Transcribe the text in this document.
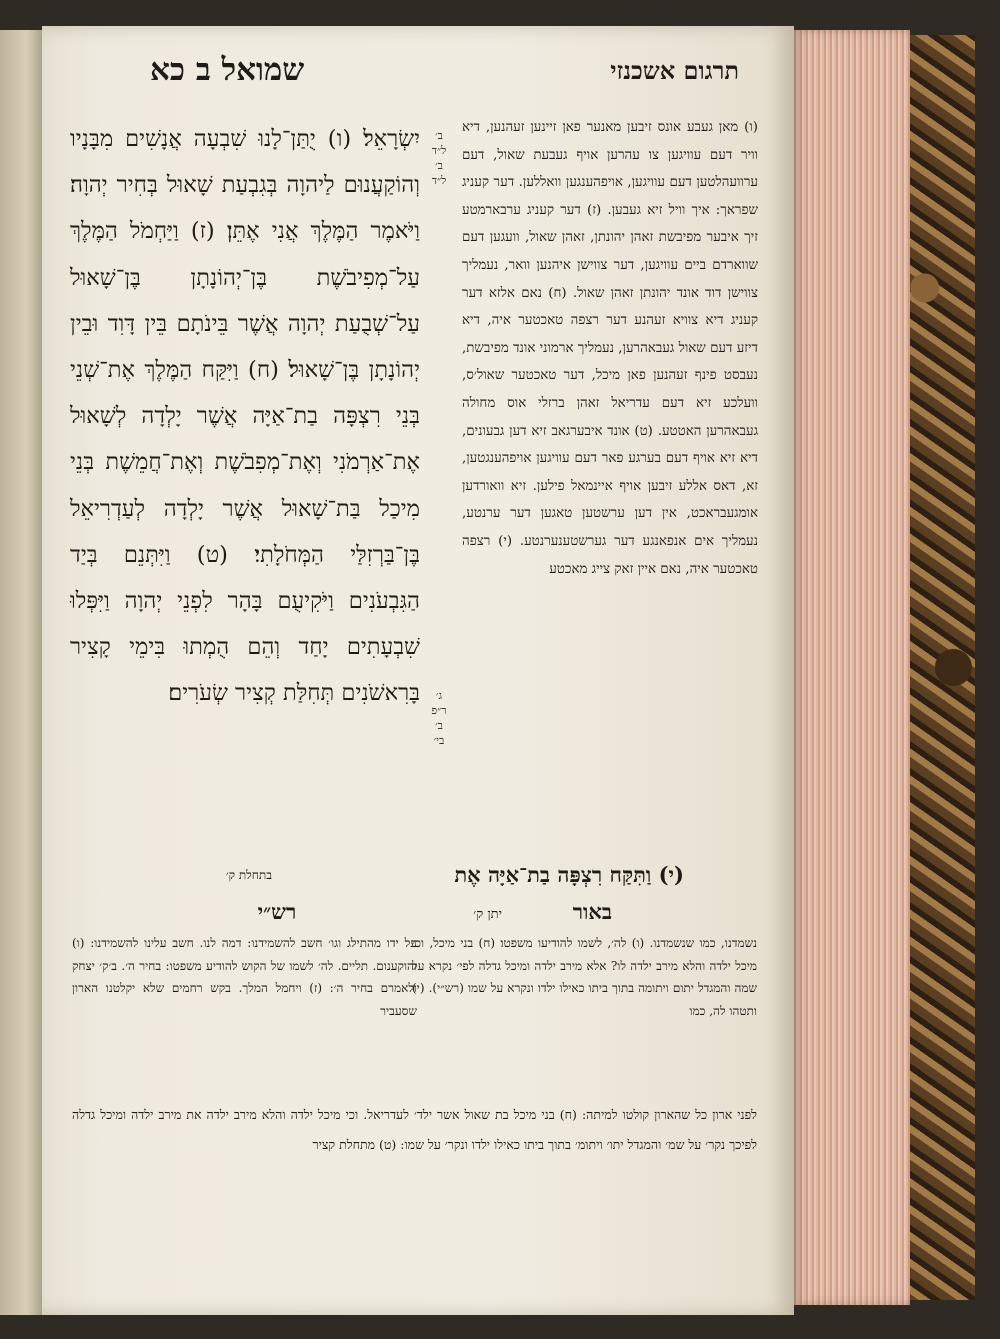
תרגום אשכנזי
שמואל ב כא

יִשְׂרָאֵל׃ (ו) יֻתַּן־לָנוּ שִׁבְעָה אֲנָשִׁים מִבָּנָיו וְהוֹקַעֲנוּם לַיהוָה בְּגִבְעַת שָׁאוּל בְּחִיר יְהוָה׃ וַיֹּאמֶר הַמֶּלֶךְ אֲנִי אֶתֵּן׃ (ז) וַיַּחְמֹל הַמֶּלֶךְ עַל־מְפִיבֹשֶׁת בֶּן־יְהוֹנָתָן בֶּן־שָׁאוּל עַל־שְׁבֻעַת יְהוָה אֲשֶׁר בֵּינֹתָם בֵּין דָּוִד וּבֵין יְהוֹנָתָן בֶּן־שָׁאוּל׃ (ח) וַיִּקַּח הַמֶּלֶךְ אֶת־שְׁנֵי בְּנֵי רִצְפָּה בַת־אַיָּה אֲשֶׁר יָלְדָה לְשָׁאוּל אֶת־אַרְמֹנִי וְאֶת־מְפִבֹשֶׁת וְאֶת־חֲמֵשֶׁת בְּנֵי מִיכַל בַּת־שָׁאוּל אֲשֶׁר יָלְדָה לְעַדְרִיאֵל בֶּן־בַּרְזִלַּי הַמְּחֹלָתִי׃ (ט) וַיִּתְּנֵם בְּיַד הַגִּבְעֹנִים וַיֹּקִיעֻם בָּהָר לִפְנֵי יְהוָה וַיִּפְּלוּ שִׁבְעָתִים יָחַד וְהֵם הֻמְתוּ בִּימֵי קָצִיר בָּרִאשֹׁנִים תְּחִלַּת קְצִיר שְׂעֹרִים׃

ב׳ ל״ד ב׳ ל״ד
ג׳ ר״פ ב׳ בי׳

(ו) מאן געבע אונס זיבען מאנער פאן זיינען זעהנען, דיא וויר דעם עוויגען צו עהרען אויף געבעת שאול, דעם ערוועהלטען דעם עוויגען, אויפהענגען וואללען. דער קעניג שפראך: איך וויל זיא געבען. (ז) דער קעניג ערבארמטע זיך איבער מפיבשת זאהן יהונתן, זאהן שאול, וועגען דעם שווארדם ביים עוויגען, דער צווישן איהנען וואר, נעמליך צווישן דוד אונד יהונתן זאהן שאול. (ח) נאם אלזא דער קעניג דיא צוויא זעהנע דער רצפה טאכטער איה, דיא דיזע דעם שאול געבאהרען, נעמליך ארמוני אונד מפיבשת, נעבסט פינף זעהנען פאן מיכל, דער טאכטער שאול׳ס, וועלכע זיא דעם עדריאל זאהן ברזלי אוס מחולה געבאהרען האטטע. (ט) אונד איבערגאב זיא דען גבעונים, דיא זיא אויף דעם בערגע פאר דעם עוויגען אויפהענגטען, זא, דאס אללע זיבען אויף איינמאל פילען. זיא וואורדען אומגעבראכט, אין דען ערשטען טאגען דער ערנטע, נעמליך אים אנפאנגע דער גערשטענערנטע. (י) רצפה טאכטער איה, נאם איין זאק צייג מאכטע

(י) וַתִּקַּח רִצְפָּה בַת־אַיָּה אֶת
בתחלת ק׳
באור
יתן ק׳
רש״י

על ידו מהתילג וגו׳ חשב להשמידנו: דמה לנו. חשב עלינו להשמידנו: (ו) והוקענום. תליים. לה׳ לשמו של הקוש להודיע משפטו: בחיר ה׳. ב׳ק׳ יצחק ולאמרם בחיר ה׳: (ז) ויחמל המלך. בקש רחמים שלא יקלטנו הארון שסעביר

נשמדנו, כמו שנשמדנו. (ו) לה׳, לשמו להודיעו משפטו׃ (ח) בני מיכל, וכי מיכל ילדה והלא מירב ילדה לו? אלא מירב ילדה ומיכל גדלה לפי׳ נקרא על שמה והמגדל יתום ויתומה בתוך ביתו כאילו ילדו ונקרא על שמו (רש״י). (י) ותטהו לה, כמו

לפני ארון כל שהארון קולטו למיתה: (ח) בני מיכל בת שאול אשר ילד׳ לעדריאל. וכי מיכל ילדה והלא מירב ילדה את מירב ילדה ומיכל גדלה לפיכך נקר׳ על שמ׳ והמגדל יתו׳ ויתומ׳ בתוך ביתו כאילו ילדו ונקר׳ על שמו: (ט) מתחלת קציר
